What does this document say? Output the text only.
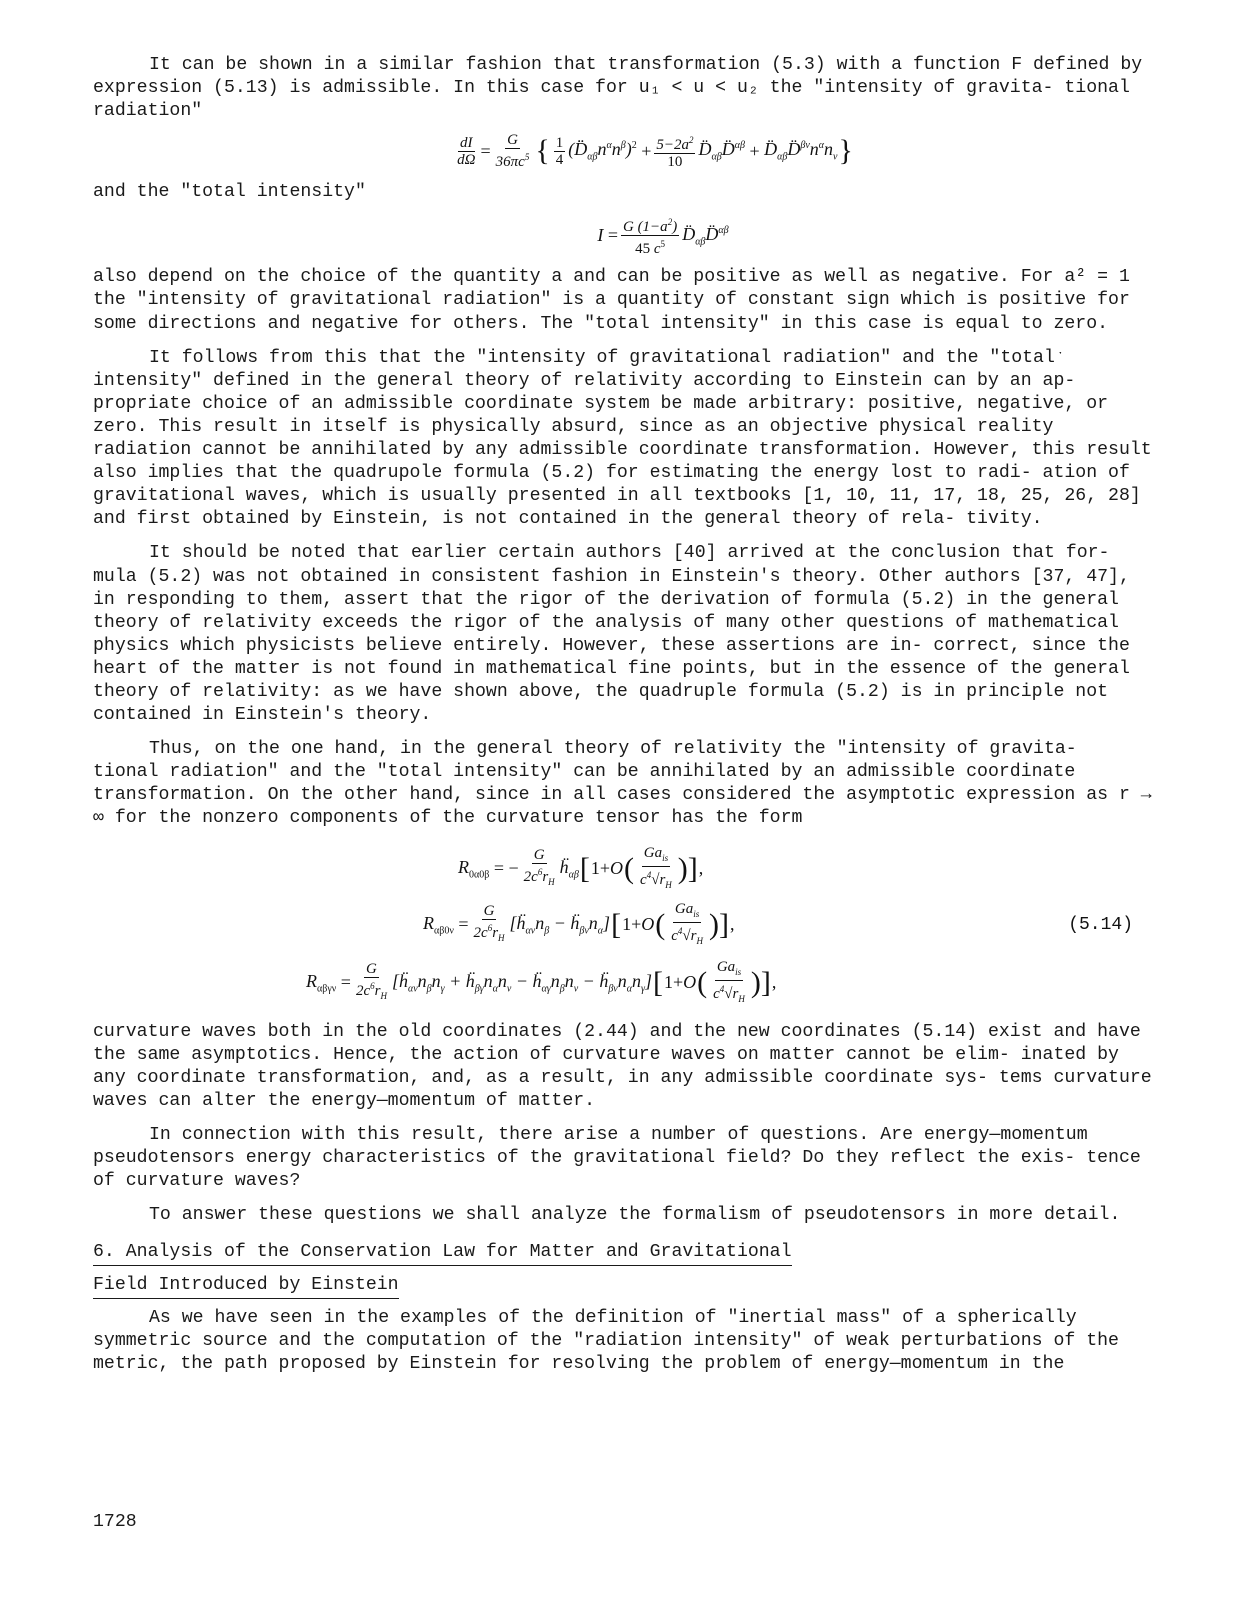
It can be shown in a similar fashion that transformation (5.3) with a function F defined by expression (5.13) is admissible. In this case for u₁ < u < u₂ the "intensity of gravita- tional radiation"

$\frac{dI}{d\Omega} = \frac{G}{36\pi c^5}$ { $\frac{1}{4}$ $(D̈̈_{\alpha\beta}n^\alpha n^\beta)^2 + \frac{5-2a^2}{10}$ $D̈_{\alpha\beta}D̈^{\alpha\beta}$ + $D̈_{\alpha\beta}D̈^{\beta\nu}n^\alpha n_\nu$ }

and the "total intensity"

$I = \frac{G (1-a^2)}{45 c^5}$ $D̈_{\alpha\beta}D̈^{\alpha\beta}$

also depend on the choice of the quantity a and can be positive as well as negative. For a² = 1 the "intensity of gravitational radiation" is a quantity of constant sign which is positive for some directions and negative for others. The "total intensity" in this case is equal to zero.

It follows from this that the "intensity of gravitational radiation" and the "totalˑ intensity" defined in the general theory of relativity according to Einstein can by an ap- propriate choice of an admissible coordinate system be made arbitrary: positive, negative, or zero. This result in itself is physically absurd, since as an objective physical reality radiation cannot be annihilated by any admissible coordinate transformation. However, this result also implies that the quadrupole formula (5.2) for estimating the energy lost to radi- ation of gravitational waves, which is usually presented in all textbooks [1, 10, 11, 17, 18, 25, 26, 28] and first obtained by Einstein, is not contained in the general theory of rela- tivity.

It should be noted that earlier certain authors [40] arrived at the conclusion that for- mula (5.2) was not obtained in consistent fashion in Einstein's theory. Other authors [37, 47], in responding to them, assert that the rigor of the derivation of formula (5.2) in the general theory of relativity exceeds the rigor of the analysis of many other questions of mathematical physics which physicists believe entirely. However, these assertions are in- correct, since the heart of the matter is not found in mathematical fine points, but in the essence of the general theory of relativity: as we have shown above, the quadruple formula (5.2) is in principle not contained in Einstein's theory.

Thus, on the one hand, in the general theory of relativity the "intensity of gravita- tional radiation" and the "total intensity" can be annihilated by an admissible coordinate transformation. On the other hand, since in all cases considered the asymptotic expression as r → ∞ for the nonzero components of the curvature tensor has the form

$R_{0\alpha 0\beta}$ = − $\frac{G}{2c^6r_H}$ $ḧ_{\alpha\beta}$ [ 1+ O ( $\frac{Ga_{is}}{c^4√r_H}$ )] ,
$R_{\alpha\beta 0\nu} = \frac{G}{2c^6r_H}$ [$ḧ_{\alpha\nu}n_\beta$ − $ḧ_{\beta\nu}n_\alpha$] [ 1+ O ( $\frac{Ga_{is}}{c^4√r_H}$ )] ,	(5.14)
$R_{\alpha\beta\gamma\nu} = \frac{G}{2c^6r_H}$ [$ḧ_{\alpha\nu}n_\beta n_\gamma$ + $ḧ_{\beta\gamma}n_\alpha n_\nu$ − $ḧ_{\alpha\gamma}n_\beta n_\nu$ − $ḧ_{\beta\nu}n_\alpha n_\gamma$] [ 1+ O ( $\frac{Ga_{is}}{c^4√r_H}$ )] ,

curvature waves both in the old coordinates (2.44) and the new coordinates (5.14) exist and have the same asymptotics. Hence, the action of curvature waves on matter cannot be elim- inated by any coordinate transformation, and, as a result, in any admissible coordinate sys- tems curvature waves can alter the energy—momentum of matter.

In connection with this result, there arise a number of questions. Are energy—momentum pseudotensors energy characteristics of the gravitational field? Do they reflect the exis- tence of curvature waves?

To answer these questions we shall analyze the formalism of pseudotensors in more detail.

6. Analysis of the Conservation Law for Matter and Gravitational
Field Introduced by Einstein

As we have seen in the examples of the definition of "inertial mass" of a spherically symmetric source and the computation of the "radiation intensity" of weak perturbations of the metric, the path proposed by Einstein for resolving the problem of energy—momentum in the

1728
